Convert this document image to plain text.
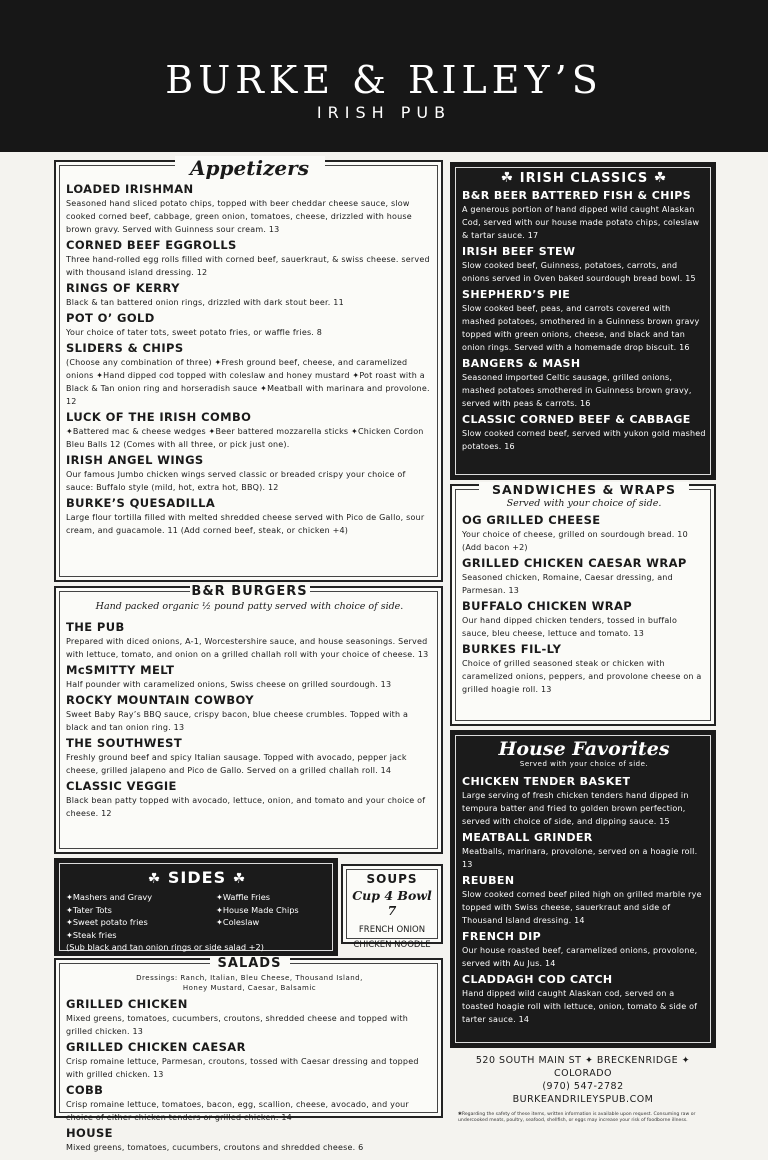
BURKE & RILEY’S
IRISH PUB
Appetizers
LOADED IRISHMAN
Seasoned hand sliced potato chips, topped with beer cheddar cheese sauce, slow cooked corned beef, cabbage, green onion, tomatoes, cheese, drizzled with house brown gravy. Served with Guinness sour cream. 13
CORNED BEEF EGGROLLS
Three hand-rolled egg rolls filled with corned beef, sauerkraut, & swiss cheese. served with thousand island dressing. 12
RINGS OF KERRY
Black & tan battered onion rings, drizzled with dark stout beer. 11
POT O’ GOLD
Your choice of tater tots, sweet potato fries, or waffle fries. 8
SLIDERS & CHIPS
(Choose any combination of three) ✦Fresh ground beef, cheese, and caramelized onions ✦Hand dipped cod topped with coleslaw and honey mustard ✦Pot roast with a Black & Tan onion ring and horseradish sauce ✦Meatball with marinara and provolone. 12
LUCK OF THE IRISH COMBO
✦Battered mac & cheese wedges ✦Beer battered mozzarella sticks ✦Chicken Cordon Bleu Balls 12 (Comes with all three, or pick just one).
IRISH ANGEL WINGS
Our famous Jumbo chicken wings served classic or breaded crispy your choice of sauce: Buffalo style (mild, hot, extra hot, BBQ). 12
BURKE’S QUESADILLA
Large flour tortilla filled with melted shredded cheese served with Pico de Gallo, sour cream, and guacamole. 11 (Add corned beef, steak, or chicken +4)
B&R BURGERS
Hand packed organic ½ pound patty served with choice of side.
THE PUB
Prepared with diced onions, A-1, Worcestershire sauce, and house seasonings. Served with lettuce, tomato, and onion on a grilled challah roll with your choice of cheese. 13
McSMITTY MELT
Half pounder with caramelized onions, Swiss cheese on grilled sourdough. 13
ROCKY MOUNTAIN COWBOY
Sweet Baby Ray’s BBQ sauce, crispy bacon, blue cheese crumbles. Topped with a black and tan onion ring. 13
THE SOUTHWEST
Freshly ground beef and spicy Italian sausage. Topped with avocado, pepper jack cheese, grilled jalapeno and Pico de Gallo. Served on a grilled challah roll. 14
CLASSIC VEGGIE
Black bean patty topped with avocado, lettuce, onion, and tomato and your choice of cheese. 12
☘ SIDES ☘
✦Mashers and Gravy
✦Tater Tots
✦Sweet potato fries
✦Steak fries
✦Waffle Fries
✦House Made Chips
✦Coleslaw
(Sub black and tan onion rings or side salad +2)
SOUPS
Cup 4 Bowl 7
FRENCH ONION
CHICKEN NOODLE
SALADS
Dressings: Ranch, Italian, Bleu Cheese, Thousand Island, Honey Mustard, Caesar, Balsamic
GRILLED CHICKEN
Mixed greens, tomatoes, cucumbers, croutons, shredded cheese and topped with grilled chicken. 13
GRILLED CHICKEN CAESAR
Crisp romaine lettuce, Parmesan, croutons, tossed with Caesar dressing and topped with grilled chicken. 13
COBB
Crisp romaine lettuce, tomatoes, bacon, egg, scallion, cheese, avocado, and your choice of either chicken tenders or grilled chicken. 14
HOUSE
Mixed greens, tomatoes, cucumbers, croutons and shredded cheese. 6
☘ IRISH CLASSICS ☘
B&R BEER BATTERED FISH & CHIPS
A generous portion of hand dipped wild caught Alaskan Cod, served with our house made potato chips, coleslaw & tartar sauce. 17
IRISH BEEF STEW
Slow cooked beef, Guinness, potatoes, carrots, and onions served in Oven baked sourdough bread bowl. 15
SHEPHERD’S PIE
Slow cooked beef, peas, and carrots covered with mashed potatoes, smothered in a Guinness brown gravy topped with green onions, cheese, and black and tan onion rings. Served with a homemade drop biscuit. 16
BANGERS & MASH
Seasoned imported Celtic sausage, grilled onions, mashed potatoes smothered in Guinness brown gravy, served with peas & carrots. 16
CLASSIC CORNED BEEF & CABBAGE
Slow cooked corned beef, served with yukon gold mashed potatoes. 16
SANDWICHES & WRAPS
Served with your choice of side.
OG GRILLED CHEESE
Your choice of cheese, grilled on sourdough bread. 10 (Add bacon +2)
GRILLED CHICKEN CAESAR WRAP
Seasoned chicken, Romaine, Caesar dressing, and Parmesan. 13
BUFFALO CHICKEN WRAP
Our hand dipped chicken tenders, tossed in buffalo sauce, bleu cheese, lettuce and tomato. 13
BURKES FIL-LY
Choice of grilled seasoned steak or chicken with caramelized onions, peppers, and provolone cheese on a grilled hoagie roll. 13
House Favorites
Served with your choice of side.
CHICKEN TENDER BASKET
Large serving of fresh chicken tenders hand dipped in tempura batter and fried to golden brown perfection, served with choice of side, and dipping sauce. 15
MEATBALL GRINDER
Meatballs, marinara, provolone, served on a hoagie roll. 13
REUBEN
Slow cooked corned beef piled high on grilled marble rye topped with Swiss cheese, sauerkraut and side of Thousand Island dressing. 14
FRENCH DIP
Our house roasted beef, caramelized onions, provolone, served with Au Jus. 14
CLADDAGH COD CATCH
Hand dipped wild caught Alaskan cod, served on a toasted hoagie roll with lettuce, onion, tomato & side of tarter sauce. 14
520 SOUTH MAIN ST ✦ BRECKENRIDGE ✦ COLORADO
(970) 547-2782
BURKEANDRILEYSPUB.COM
✱Regarding the safety of these items, written information is available upon request. Consuming raw or undercooked meats, poultry, seafood, shellfish, or eggs may increase your risk of foodborne illness.
